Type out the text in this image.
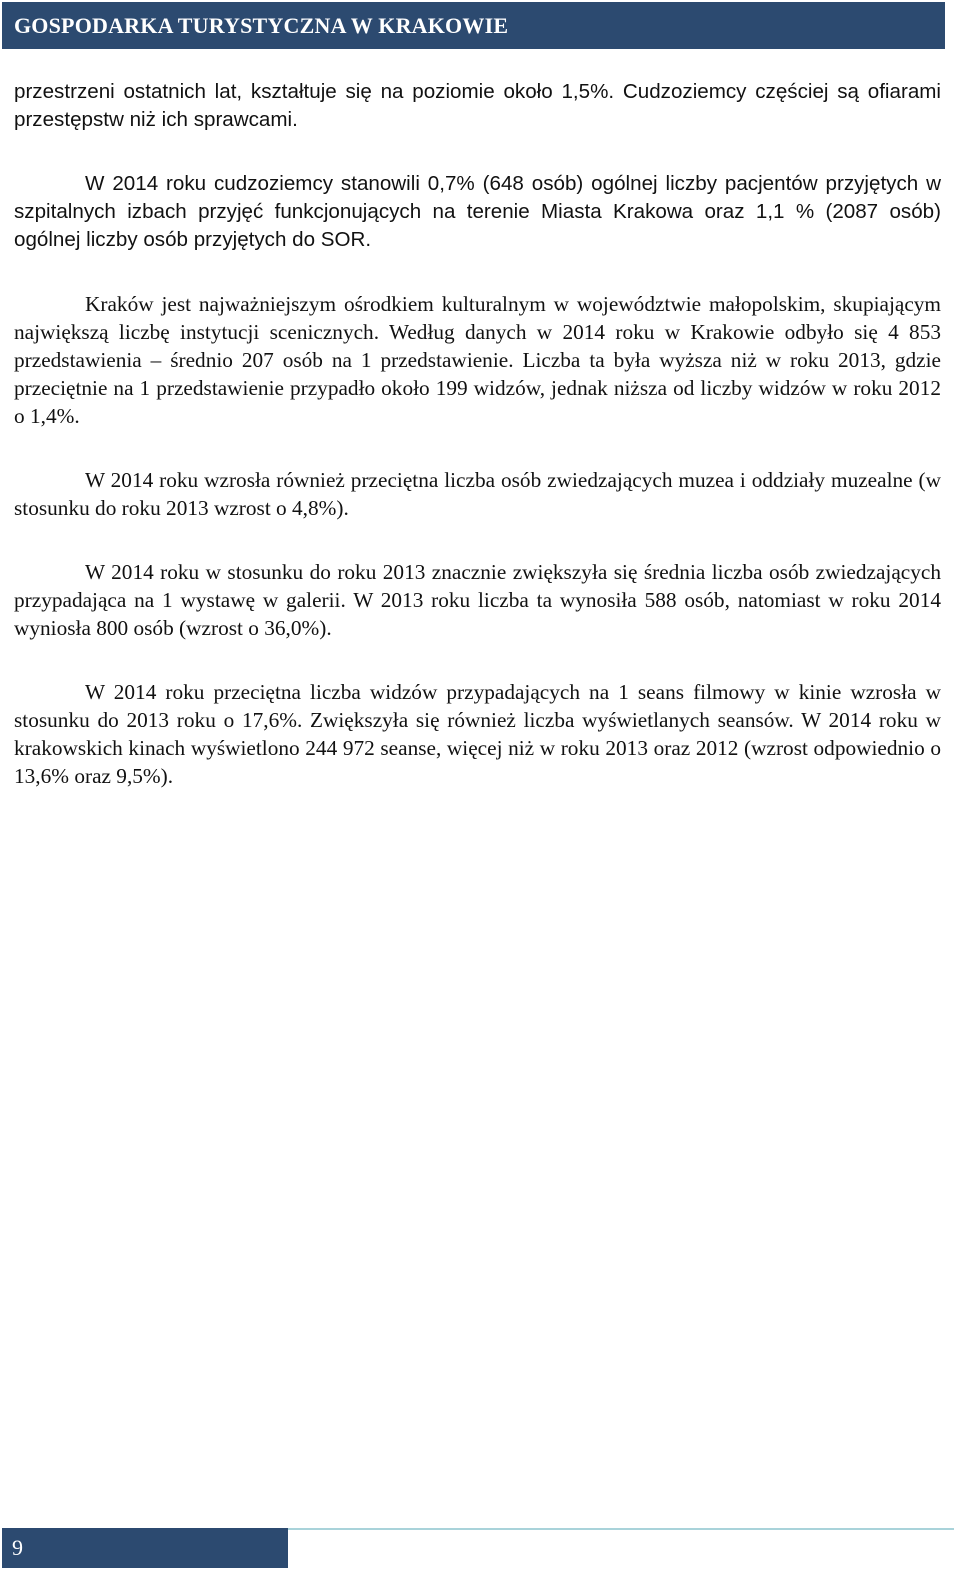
GOSPODARKA TURYSTYCZNA W KRAKOWIE

przestrzeni ostatnich lat, kształtuje się na poziomie około 1,5%. Cudzoziemcy częściej są ofiarami przestępstw niż ich sprawcami.

W 2014 roku cudzoziemcy stanowili 0,7% (648 osób) ogólnej liczby pacjentów przyjętych w szpitalnych izbach przyjęć funkcjonujących na terenie Miasta Krakowa oraz 1,1 % (2087 osób) ogólnej liczby osób przyjętych do SOR.

Kraków jest najważniejszym ośrodkiem kulturalnym w województwie małopolskim, skupiającym największą liczbę instytucji scenicznych. Według danych w 2014 roku w Krakowie odbyło się 4 853 przedstawienia – średnio 207 osób na 1 przedstawienie. Liczba ta była wyższa niż w roku 2013, gdzie przeciętnie na 1 przedstawienie przypadło około 199 widzów, jednak niższa od liczby widzów w roku 2012 o 1,4%.

W 2014 roku wzrosła również przeciętna liczba osób zwiedzających muzea i oddziały muzealne (w stosunku do roku 2013 wzrost o 4,8%).

W 2014 roku w stosunku do roku 2013 znacznie zwiększyła się średnia liczba osób zwiedzających przypadająca na 1 wystawę w galerii. W 2013 roku liczba ta wynosiła 588 osób, natomiast w roku 2014 wyniosła 800 osób (wzrost o 36,0%).

W 2014 roku przeciętna liczba widzów przypadających na 1 seans filmowy w kinie wzrosła w stosunku do 2013 roku o 17,6%. Zwiększyła się również liczba wyświetlanych seansów. W 2014 roku w krakowskich kinach wyświetlono 244 972 seanse, więcej niż w roku 2013 oraz 2012 (wzrost odpowiednio o 13,6% oraz 9,5%).

9
